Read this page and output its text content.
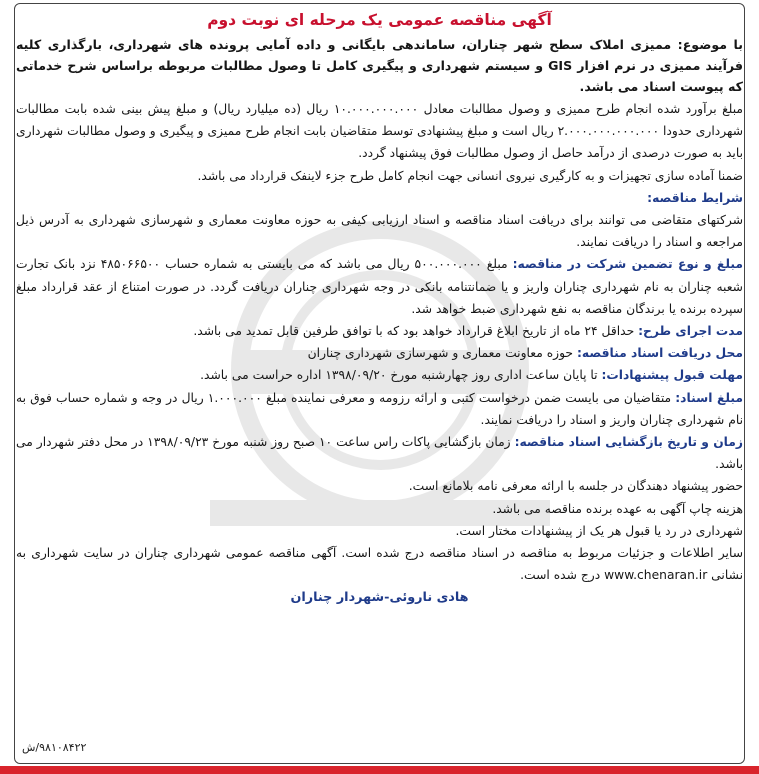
آگهی مناقصه عمومی یک مرحله ای نوبت دوم

با موضوع: ممیزی املاک سطح شهر چناران، ساماندهی بایگانی و داده آمایی پرونده های شهرداری، بارگذاری کلیه فرآیند ممیزی در نرم افزار GIS و سیستم شهرداری و پیگیری کامل تا وصول مطالبات مربوطه براساس شرح خدماتی که پیوست اسناد می باشد.

مبلغ برآورد شده انجام طرح ممیزی و وصول مطالبات معادل ۱۰.۰۰۰.۰۰۰.۰۰۰ ریال (ده میلیارد ریال) و مبلغ پیش بینی شده بابت مطالبات شهرداری حدودا ۲.۰۰۰.۰۰۰.۰۰۰.۰۰۰ ریال است و مبلغ پیشنهادی توسط متقاضیان بابت انجام طرح ممیزی و پیگیری و وصول مطالبات شهرداری باید به صورت درصدی از درآمد حاصل از وصول مطالبات فوق پیشنهاد گردد.

ضمنا آماده سازی تجهیزات و به کارگیری نیروی انسانی جهت انجام کامل طرح جزء لاینفک قرارداد می باشد.

شرایط مناقصه:

شرکتهای متقاضی می توانند برای دریافت اسناد مناقصه و اسناد ارزیابی کیفی به حوزه معاونت معماری و شهرسازی شهرداری به آدرس ذیل مراجعه و اسناد را دریافت نمایند.

مبلغ و نوع تضمین شرکت در مناقصه: مبلغ ۵۰۰.۰۰۰.۰۰۰ ریال می باشد که می بایستی به شماره حساب ۴۸۵۰۶۶۵۰۰ نزد بانک تجارت شعبه چناران به نام شهرداری چناران واریز و یا ضمانتنامه بانکی در وجه شهرداری چناران دریافت گردد. در صورت امتناع از عقد قرارداد مبلغ سپرده برنده یا برندگان مناقصه به نفع شهرداری ضبط خواهد شد.

مدت اجرای طرح: حداقل ۲۴ ماه از تاریخ ابلاغ قرارداد خواهد بود که با توافق طرفین قابل تمدید می باشد.

محل دریافت اسناد مناقصه: حوزه معاونت معماری و شهرسازی شهرداری چناران

مهلت قبول پیشنهادات: تا پایان ساعت اداری روز چهارشنبه مورخ ۱۳۹۸/۰۹/۲۰ اداره حراست می باشد.

مبلغ اسناد: متقاضیان می بایست ضمن درخواست کتبی و ارائه رزومه و معرفی نماینده مبلغ ۱.۰۰۰.۰۰۰ ریال در وجه و شماره حساب فوق به نام شهرداری چناران واریز و اسناد را دریافت نمایند.

زمان و تاریخ بازگشایی اسناد مناقصه: زمان بازگشایی پاکات راس ساعت ۱۰ صبح روز شنبه مورخ ۱۳۹۸/۰۹/۲۳ در محل دفتر شهردار می باشد.

حضور پیشنهاد دهندگان در جلسه با ارائه معرفی نامه بلامانع است.

هزینه چاپ آگهی به عهده برنده مناقصه می باشد.

شهرداری در رد یا قبول هر یک از پیشنهادات مختار است.

سایر اطلاعات و جزئیات مربوط به مناقصه در اسناد مناقصه درج شده است. آگهی مناقصه عمومی شهرداری چناران در سایت شهرداری به نشانی www.chenaran.ir درج شده است.

هادی ناروئی-شهردار چناران
۹۸۱۰۸۴۲۲/ش
